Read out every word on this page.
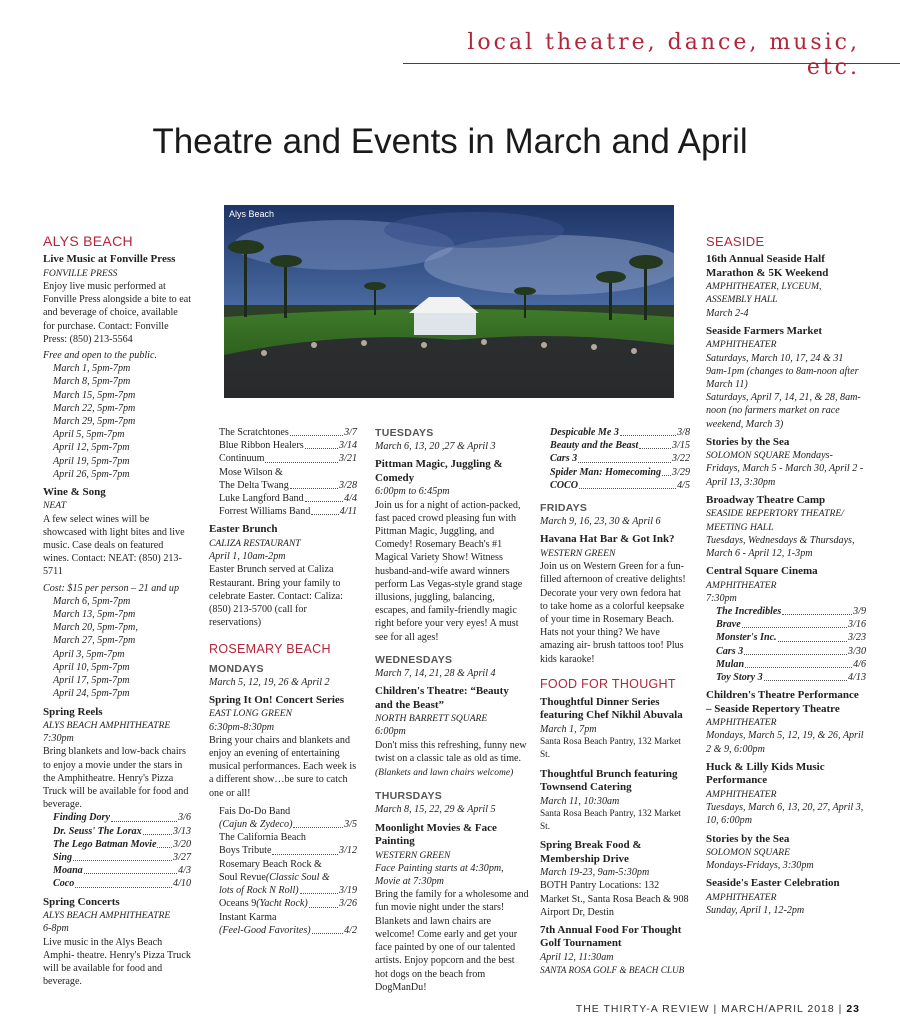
local theatre, dance, music, etc.
Theatre and Events in March and April
Alys Beach
ALYS BEACH
Live Music at Fonville Press
FONVILLE PRESS
Enjoy live music performed at Fonville Press alongside a bite to eat and beverage of choice, available for purchase. Contact: Fonville Press: (850) 213-5564
Free and open to the public.
March 1, 5pm-7pm
March 8, 5pm-7pm
March 15, 5pm-7pm
March 22, 5pm-7pm
March 29, 5pm-7pm
April 5, 5pm-7pm
April 12, 5pm-7pm
April 19, 5pm-7pm
April 26, 5pm-7pm
Wine & Song
NEAT
A few select wines will be showcased with light bites and live music. Case deals on featured wines. Contact: NEAT: (850) 213-5711
Cost: $15 per person – 21 and up
March 6, 5pm-7pm
March 13, 5pm-7pm
March 20, 5pm-7pm,
March 27, 5pm-7pm
April 3, 5pm-7pm
April 10, 5pm-7pm
April 17, 5pm-7pm
April 24, 5pm-7pm
Spring Reels
ALYS BEACH AMPHITHEATRE
7:30pm
Bring blankets and low-back chairs to enjoy a movie under the stars in the Amphitheatre. Henry's Pizza Truck will be available for food and beverage.
Finding Dory	3/6
Dr. Seuss' The Lorax	3/13
The Lego Batman Movie 3/20
Sing	3/27
Moana	4/3
Coco	4/10
Spring Concerts
ALYS BEACH AMPHITHEATRE
6-8pm
Live music in the Alys Beach Amphi- theatre. Henry's Pizza Truck will be available for food and beverage.
The Scratchtones	3/7
Blue Ribbon Healers	3/14
Continuum	3/21
Mose Wilson &
The Delta Twang	3/28
Luke Langford Band	4/4
Forrest Williams Band	4/11
Easter Brunch
CALIZA RESTAURANT
April 1, 10am-2pm
Easter Brunch served at Caliza Restaurant. Bring your family to celebrate Easter. Contact: Caliza: (850) 213-5700 (call for reservations)
ROSEMARY BEACH
MONDAYS
March 5, 12, 19, 26 & April 2
Spring It On! Concert Series
EAST LONG GREEN
6:30pm-8:30pm
Bring your chairs and blankets and enjoy an evening of entertaining musical performances. Each week is a different show…be sure to catch one or all!
Fais Do-Do Band
(Cajun & Zydeco)	3/5
The California Beach
Boys Tribute	3/12
Rosemary Beach Rock &
Soul Revue (Classic Soul &
lots of Rock N Roll)	3/19
Oceans 9 (Yacht Rock)	3/26
Instant Karma
(Feel-Good Favorites)	4/2
TUESDAYS
March 6, 13, 20 ,27 & April 3
Pittman Magic, Juggling & Comedy
6:00pm to 6:45pm
Join us for a night of action-packed, fast paced crowd pleasing fun with Pittman Magic, Juggling, and Comedy! Rosemary Beach's #1 Magical Variety Show! Witness husband-and-wife award winners perform Las Vegas-style grand stage illusions, juggling, balancing, escapes, and family-friendly magic right before your very eyes! A must see for all ages!
WEDNESDAYS
March 7, 14, 21, 28 & April 4
Children's Theatre: “Beauty and the Beast”
NORTH BARRETT SQUARE
6:00pm
Don't miss this refreshing, funny new twist on a classic tale as old as time.
(Blankets and lawn chairs welcome)
THURSDAYS
March 8, 15, 22, 29 & April 5
Moonlight Movies & Face Painting
WESTERN GREEN
Face Painting starts at 4:30pm, Movie at 7:30pm
Bring the family for a wholesome and fun movie night under the stars! Blankets and lawn chairs are welcome! Come early and get your face painted by one of our talented artists. Enjoy popcorn and the best hot dogs on the beach from DogManDu!
Despicable Me 3	3/8
Beauty and the Beast	3/15
Cars 3	3/22
Spider Man: Homecoming 3/29
COCO	4/5
FRIDAYS
March 9, 16, 23, 30 & April 6
Havana Hat Bar & Got Ink?
WESTERN GREEN
Join us on Western Green for a fun- filled afternoon of creative delights! Decorate your very own fedora hat to take home as a colorful keepsake of your time in Rosemary Beach. Hats not your thing? We have amazing air- brush tattoos too! Plus kids karaoke!
FOOD FOR THOUGHT
Thoughtful Dinner Series featuring Chef Nikhil Abuvala
March 1, 7pm
Santa Rosa Beach Pantry, 132 Market St.
Thoughtful Brunch featuring Townsend Catering
March 11, 10:30am
Santa Rosa Beach Pantry, 132 Market St.
Spring Break Food & Membership Drive
March 19-23, 9am-5:30pm
BOTH Pantry Locations: 132 Market St., Santa Rosa Beach & 908 Airport Dr, Destin
7th Annual Food For Thought Golf Tournament
April 12, 11:30am
SANTA ROSA GOLF & BEACH CLUB
SEASIDE
16th Annual Seaside Half Marathon & 5K Weekend
AMPHITHEATER, LYCEUM, ASSEMBLY HALL
March 2-4
Seaside Farmers Market
AMPHITHEATER
Saturdays, March 10, 17, 24 & 31 9am-1pm (changes to 8am-noon after March 11)
Saturdays, April 7, 14, 21, & 28, 8am-noon (no farmers market on race weekend, March 3)
Stories by the Sea
SOLOMON SQUARE Mondays-Fridays, March 5 - March 30, April 2 - April 13, 3:30pm
Broadway Theatre Camp
SEASIDE REPERTORY THEATRE/ MEETING HALL
Tuesdays, Wednesdays & Thursdays, March 6 - April 12, 1-3pm
Central Square Cinema
AMPHITHEATER
7:30pm
The Incredibles	3/9
Brave	3/16
Monster's Inc.	3/23
Cars 3	3/30
Mulan	4/6
Toy Story 3	4/13
Children's Theatre Performance – Seaside Repertory Theatre
AMPHITHEATER
Mondays, March 5, 12, 19, & 26, April 2 & 9, 6:00pm
Huck & Lilly Kids Music Performance
AMPHITHEATER
Tuesdays, March 6, 13, 20, 27, April 3, 10, 6:00pm
Stories by the Sea
SOLOMON SQUARE
Mondays-Fridays, 3:30pm
Seaside's Easter Celebration
AMPHITHEATER
Sunday, April 1, 12-2pm
THE THIRTY-A REVIEW | MARCH/APRIL 2018 | 23
